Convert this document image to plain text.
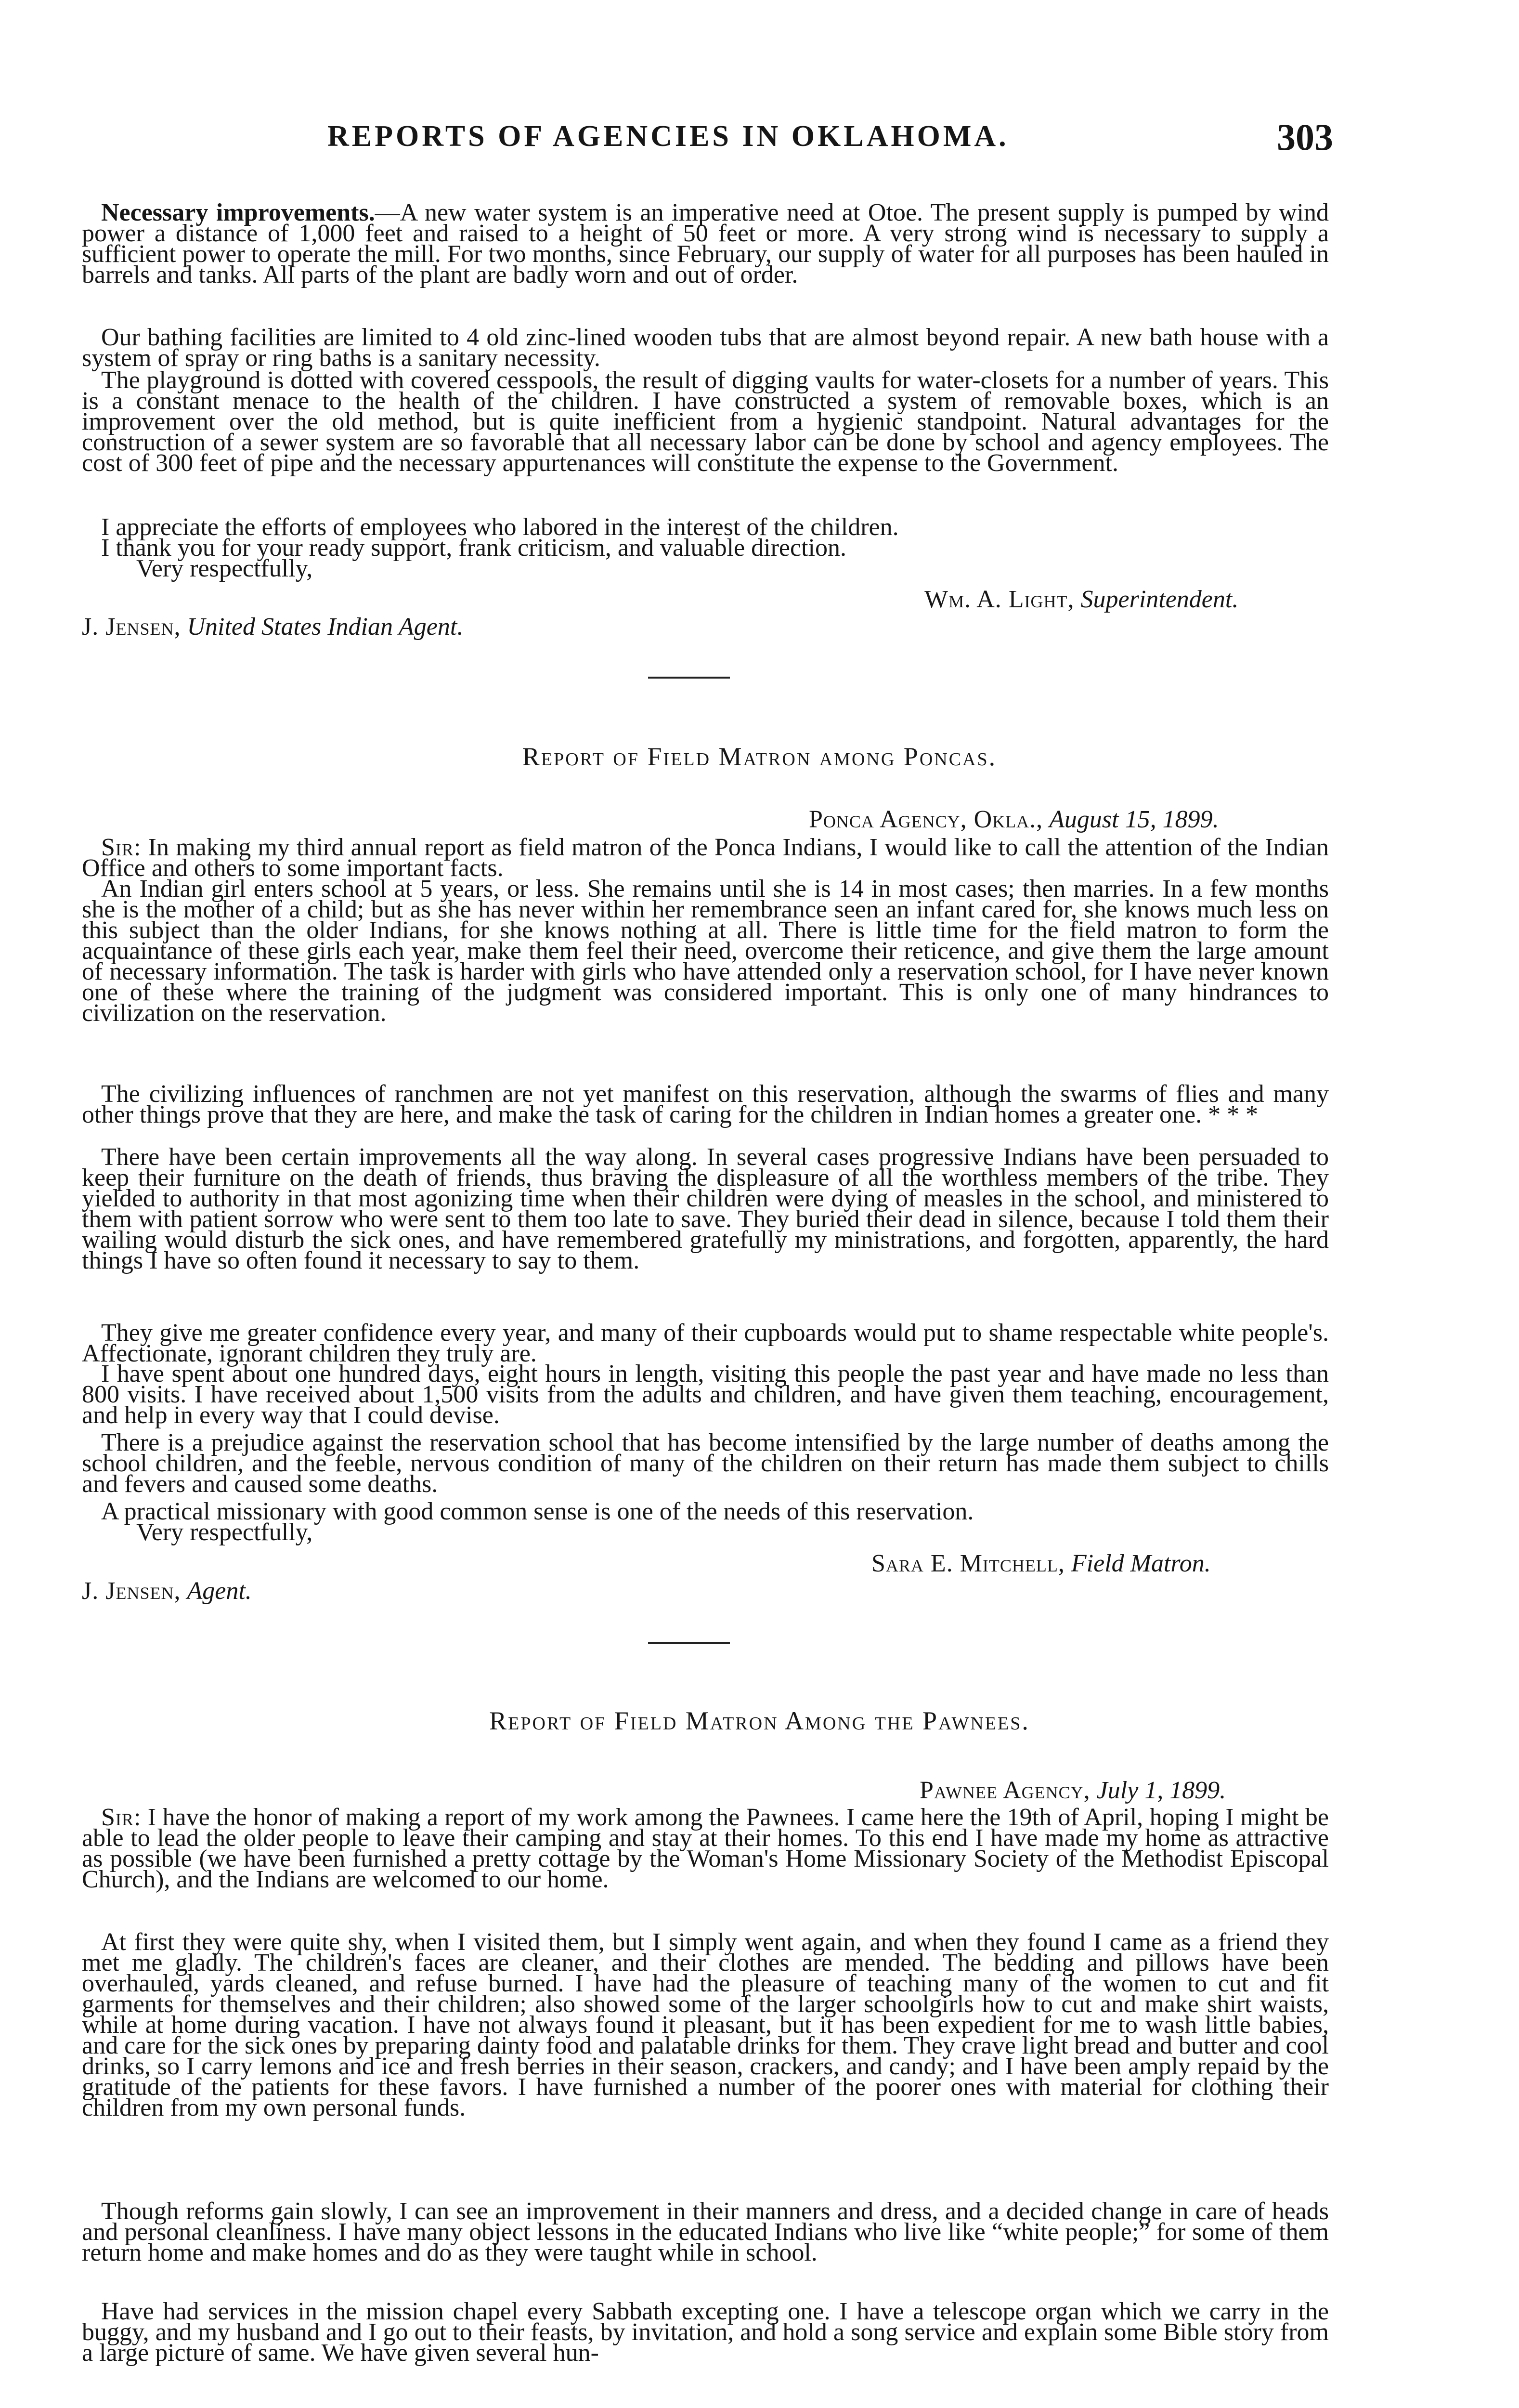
REPORTS OF AGENCIES IN OKLAHOMA.	303

Necessary improvements.—A new water system is an imperative need at Otoe. The present supply is pumped by wind power a distance of 1,000 feet and raised to a height of 50 feet or more. A very strong wind is necessary to supply a sufficient power to operate the mill. For two months, since February, our supply of water for all purposes has been hauled in barrels and tanks. All parts of the plant are badly worn and out of order.

Our bathing facilities are limited to 4 old zinc-lined wooden tubs that are almost beyond repair. A new bath house with a system of spray or ring baths is a sanitary necessity.

The playground is dotted with covered cesspools, the result of digging vaults for water-closets for a number of years. This is a constant menace to the health of the children. I have constructed a system of removable boxes, which is an improvement over the old method, but is quite inefficient from a hygienic standpoint. Natural advantages for the construction of a sewer system are so favorable that all necessary labor can be done by school and agency employees. The cost of 300 feet of pipe and the necessary appurtenances will constitute the expense to the Government.

I appreciate the efforts of employees who labored in the interest of the children.

I thank you for your ready support, frank criticism, and valuable direction.

Very respectfully,
Wm. A. Light, Superintendent.
J. Jensen, United States Indian Agent.
Report of Field Matron among Poncas.
Ponca Agency, Okla., August 15, 1899.

Sir: In making my third annual report as field matron of the Ponca Indians, I would like to call the attention of the Indian Office and others to some important facts.

An Indian girl enters school at 5 years, or less. She remains until she is 14 in most cases; then marries. In a few months she is the mother of a child; but as she has never within her remembrance seen an infant cared for, she knows much less on this subject than the older Indians, for she knows nothing at all. There is little time for the field matron to form the acquaintance of these girls each year, make them feel their need, overcome their reticence, and give them the large amount of necessary information. The task is harder with girls who have attended only a reservation school, for I have never known one of these where the training of the judgment was considered important. This is only one of many hindrances to civilization on the reservation.

The civilizing influences of ranchmen are not yet manifest on this reservation, although the swarms of flies and many other things prove that they are here, and make the task of caring for the children in Indian homes a greater one. * * *

There have been certain improvements all the way along. In several cases progressive Indians have been persuaded to keep their furniture on the death of friends, thus braving the displeasure of all the worthless members of the tribe. They yielded to authority in that most agonizing time when their children were dying of measles in the school, and ministered to them with patient sorrow who were sent to them too late to save. They buried their dead in silence, because I told them their wailing would disturb the sick ones, and have remembered gratefully my ministrations, and forgotten, apparently, the hard things I have so often found it necessary to say to them.

They give me greater confidence every year, and many of their cupboards would put to shame respectable white people's. Affectionate, ignorant children they truly are.

I have spent about one hundred days, eight hours in length, visiting this people the past year and have made no less than 800 visits. I have received about 1,500 visits from the adults and children, and have given them teaching, encouragement, and help in every way that I could devise.

There is a prejudice against the reservation school that has become intensified by the large number of deaths among the school children, and the feeble, nervous condition of many of the children on their return has made them subject to chills and fevers and caused some deaths.

A practical missionary with good common sense is one of the needs of this reservation.

Very respectfully,
Sara E. Mitchell, Field Matron.
J. Jensen, Agent.
Report of Field Matron Among the Pawnees.
Pawnee Agency, July 1, 1899.

Sir: I have the honor of making a report of my work among the Pawnees. I came here the 19th of April, hoping I might be able to lead the older people to leave their camping and stay at their homes. To this end I have made my home as attractive as possible (we have been furnished a pretty cottage by the Woman's Home Missionary Society of the Methodist Episcopal Church), and the Indians are welcomed to our home.

At first they were quite shy, when I visited them, but I simply went again, and when they found I came as a friend they met me gladly. The children's faces are cleaner, and their clothes are mended. The bedding and pillows have been overhauled, yards cleaned, and refuse burned. I have had the pleasure of teaching many of the women to cut and fit garments for themselves and their children; also showed some of the larger schoolgirls how to cut and make shirt waists, while at home during vacation. I have not always found it pleasant, but it has been expedient for me to wash little babies, and care for the sick ones by preparing dainty food and palatable drinks for them. They crave light bread and butter and cool drinks, so I carry lemons and ice and fresh berries in their season, crackers, and candy; and I have been amply repaid by the gratitude of the patients for these favors. I have furnished a number of the poorer ones with material for clothing their children from my own personal funds.

Though reforms gain slowly, I can see an improvement in their manners and dress, and a decided change in care of heads and personal cleanliness. I have many object lessons in the educated Indians who live like “white people;” for some of them return home and make homes and do as they were taught while in school.

Have had services in the mission chapel every Sabbath excepting one. I have a telescope organ which we carry in the buggy, and my husband and I go out to their feasts, by invitation, and hold a song service and explain some Bible story from a large picture of same. We have given several hun-
